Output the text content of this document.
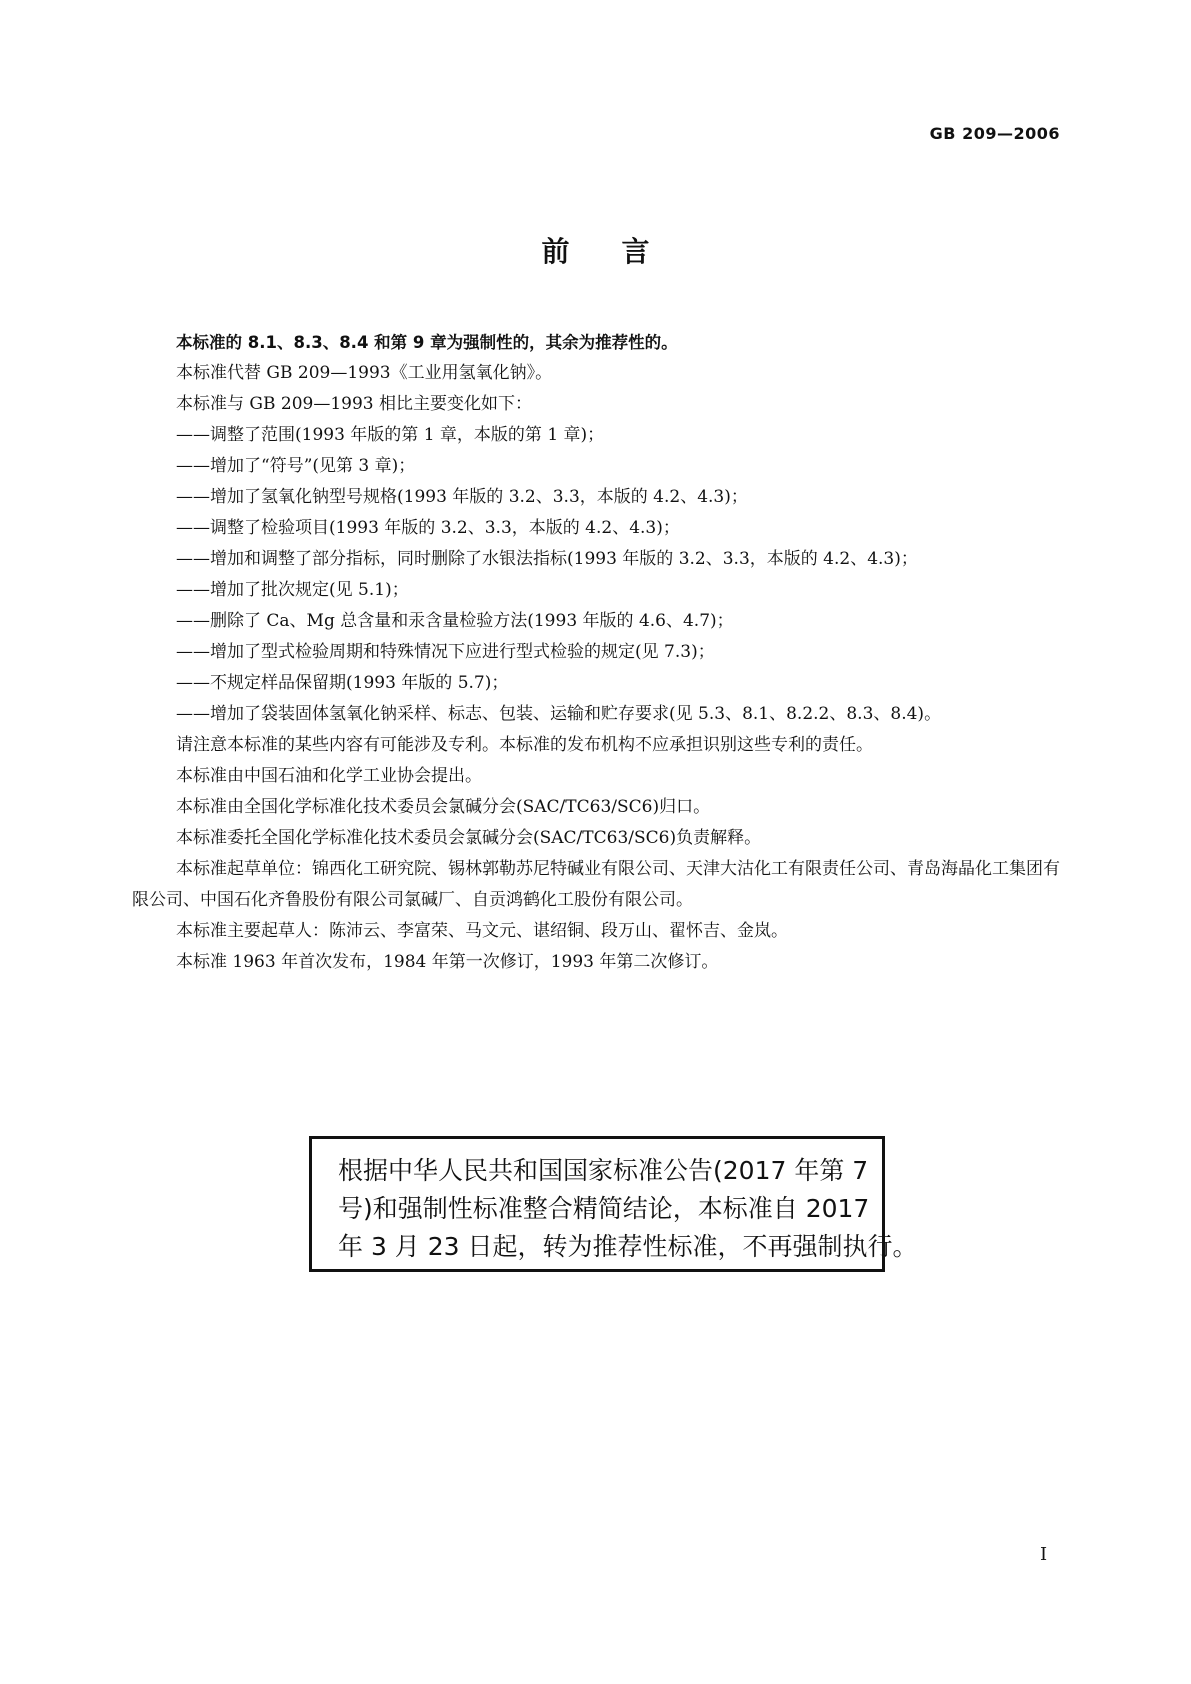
GB 209—2006
前言

本标准的 8.1、8.3、8.4 和第 9 章为强制性的，其余为推荐性的。

本标准代替 GB 209—1993《工业用氢氧化钠》。

本标准与 GB 209—1993 相比主要变化如下：

——调整了范围(1993 年版的第 1 章，本版的第 1 章)；

——增加了“符号”(见第 3 章)；

——增加了氢氧化钠型号规格(1993 年版的 3.2、3.3，本版的 4.2、4.3)；

——调整了检验项目(1993 年版的 3.2、3.3，本版的 4.2、4.3)；

——增加和调整了部分指标，同时删除了水银法指标(1993 年版的 3.2、3.3，本版的 4.2、4.3)；

——增加了批次规定(见 5.1)；

——删除了 Ca、Mg 总含量和汞含量检验方法(1993 年版的 4.6、4.7)；

——增加了型式检验周期和特殊情况下应进行型式检验的规定(见 7.3)；

——不规定样品保留期(1993 年版的 5.7)；

——增加了袋装固体氢氧化钠采样、标志、包装、运输和贮存要求(见 5.3、8.1、8.2.2、8.3、8.4)。

请注意本标准的某些内容有可能涉及专利。本标准的发布机构不应承担识别这些专利的责任。

本标准由中国石油和化学工业协会提出。

本标准由全国化学标准化技术委员会氯碱分会(SAC/TC63/SC6)归口。

本标准委托全国化学标准化技术委员会氯碱分会(SAC/TC63/SC6)负责解释。

本标准起草单位：锦西化工研究院、锡林郭勒苏尼特碱业有限公司、天津大沽化工有限责任公司、青岛海晶化工集团有限公司、中国石化齐鲁股份有限公司氯碱厂、自贡鸿鹤化工股份有限公司。

本标准主要起草人：陈沛云、李富荣、马文元、谌绍铜、段万山、翟怀吉、金岚。

本标准 1963 年首次发布，1984 年第一次修订，1993 年第二次修订。

根据中华人民共和国国家标准公告(2017 年第 7

号)和强制性标准整合精简结论，本标准自 2017

年 3 月 23 日起，转为推荐性标准，不再强制执行。

I
